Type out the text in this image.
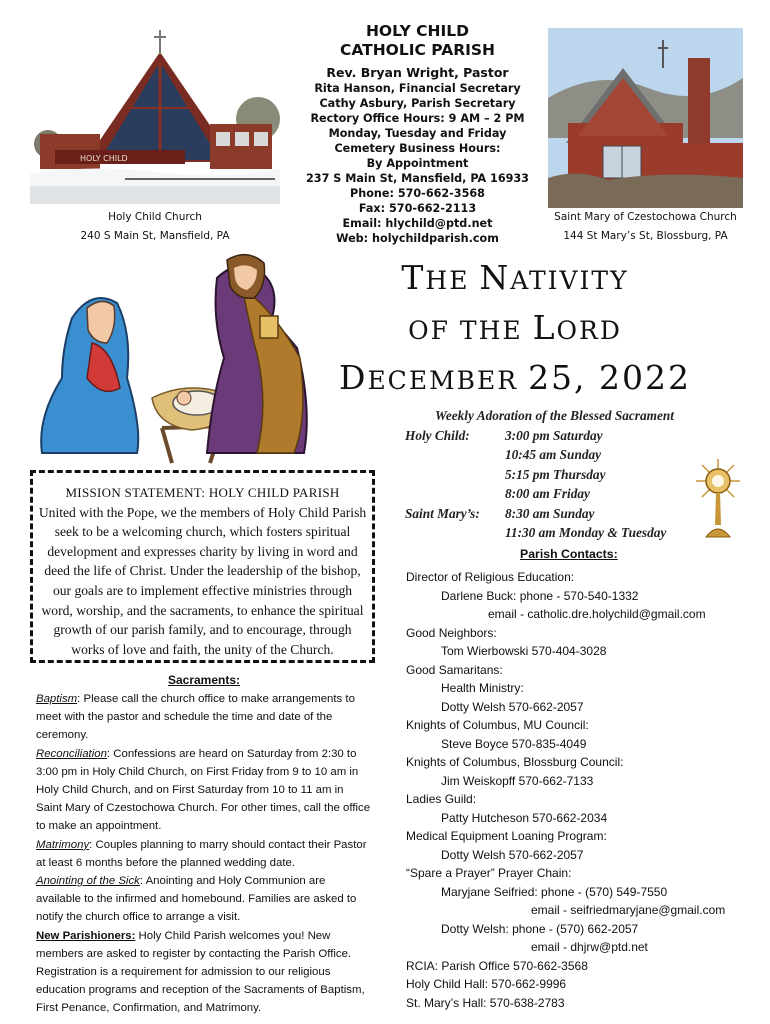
HOLY CHILD
CATHOLIC PARISH
Rev. Bryan Wright, Pastor
Rita Hanson, Financial Secretary
Cathy Asbury, Parish Secretary
Rectory Office Hours: 9 AM – 2 PM
Monday, Tuesday and Friday
Cemetery Business Hours:
By Appointment
237 S Main St, Mansfield, PA 16933
Phone: 570-662-3568
Fax: 570-662-2113
Email: hlychild@ptd.net
Web: holychildparish.com
HOLY CHILD
Holy Child Church
240 S Main St, Mansfield, PA
Saint Mary of Czestochowa Church
144 St Mary’s St, Blossburg, PA
THE NATIVITY
OF THE LORD
DECEMBER 25, 2022
Weekly Adoration of the Blessed Sacrament
Holy Child:	3:00 pm Saturday
10:45 am Sunday
5:15 pm Thursday
8:00 am Friday
Saint Mary’s:	8:30 am Sunday
11:30 am Monday & Tuesday
MISSION STATEMENT: HOLY CHILD PARISH
United with the Pope, we the members of Holy Child Parish seek to be a welcoming church, which fosters spiritual development and expresses charity by living in word and deed the life of Christ. Under the leadership of the bishop, our goals are to implement effective ministries through word, worship, and the sacraments, to enhance the spiritual growth of our parish family, and to encourage, through works of love and faith, the unity of the Church.
Sacraments:
Baptism: Please call the church office to make arrangements to meet with the pastor and schedule the time and date of the ceremony.
Reconciliation: Confessions are heard on Saturday from 2:30 to 3:00 pm in Holy Child Church, on First Friday from 9 to 10 am in Holy Child Church, and on First Saturday from 10 to 11 am in Saint Mary of Czestochowa Church. For other times, call the office to make an appointment.
Matrimony: Couples planning to marry should contact their Pastor at least 6 months before the planned wedding date.
Anointing of the Sick: Anointing and Holy Communion are available to the infirmed and homebound. Families are asked to notify the church office to arrange a visit.
New Parishioners: Holy Child Parish welcomes you! New members are asked to register by contacting the Parish Office. Registration is a requirement for admission to our religious education programs and reception of the Sacraments of Baptism, First Penance, Confirmation, and Matrimony.
Parish Contacts:
Director of Religious Education:
Darlene Buck: phone - 570-540-1332
email - catholic.dre.holychild@gmail.com
Good Neighbors:
Tom Wierbowski 570-404-3028
Good Samaritans:
Health Ministry:
Dotty Welsh 570-662-2057
Knights of Columbus, MU Council:
Steve Boyce 570-835-4049
Knights of Columbus, Blossburg Council:
Jim Weiskopff 570-662-7133
Ladies Guild:
Patty Hutcheson 570-662-2034
Medical Equipment Loaning Program:
Dotty Welsh 570-662-2057
“Spare a Prayer” Prayer Chain:
Maryjane Seifried: phone - (570) 549-7550
email - seifriedmaryjane@gmail.com
Dotty Welsh: phone - (570) 662-2057
email - dhjrw@ptd.net
RCIA: Parish Office 570-662-3568
Holy Child Hall: 570-662-9996
St. Mary’s Hall: 570-638-2783
